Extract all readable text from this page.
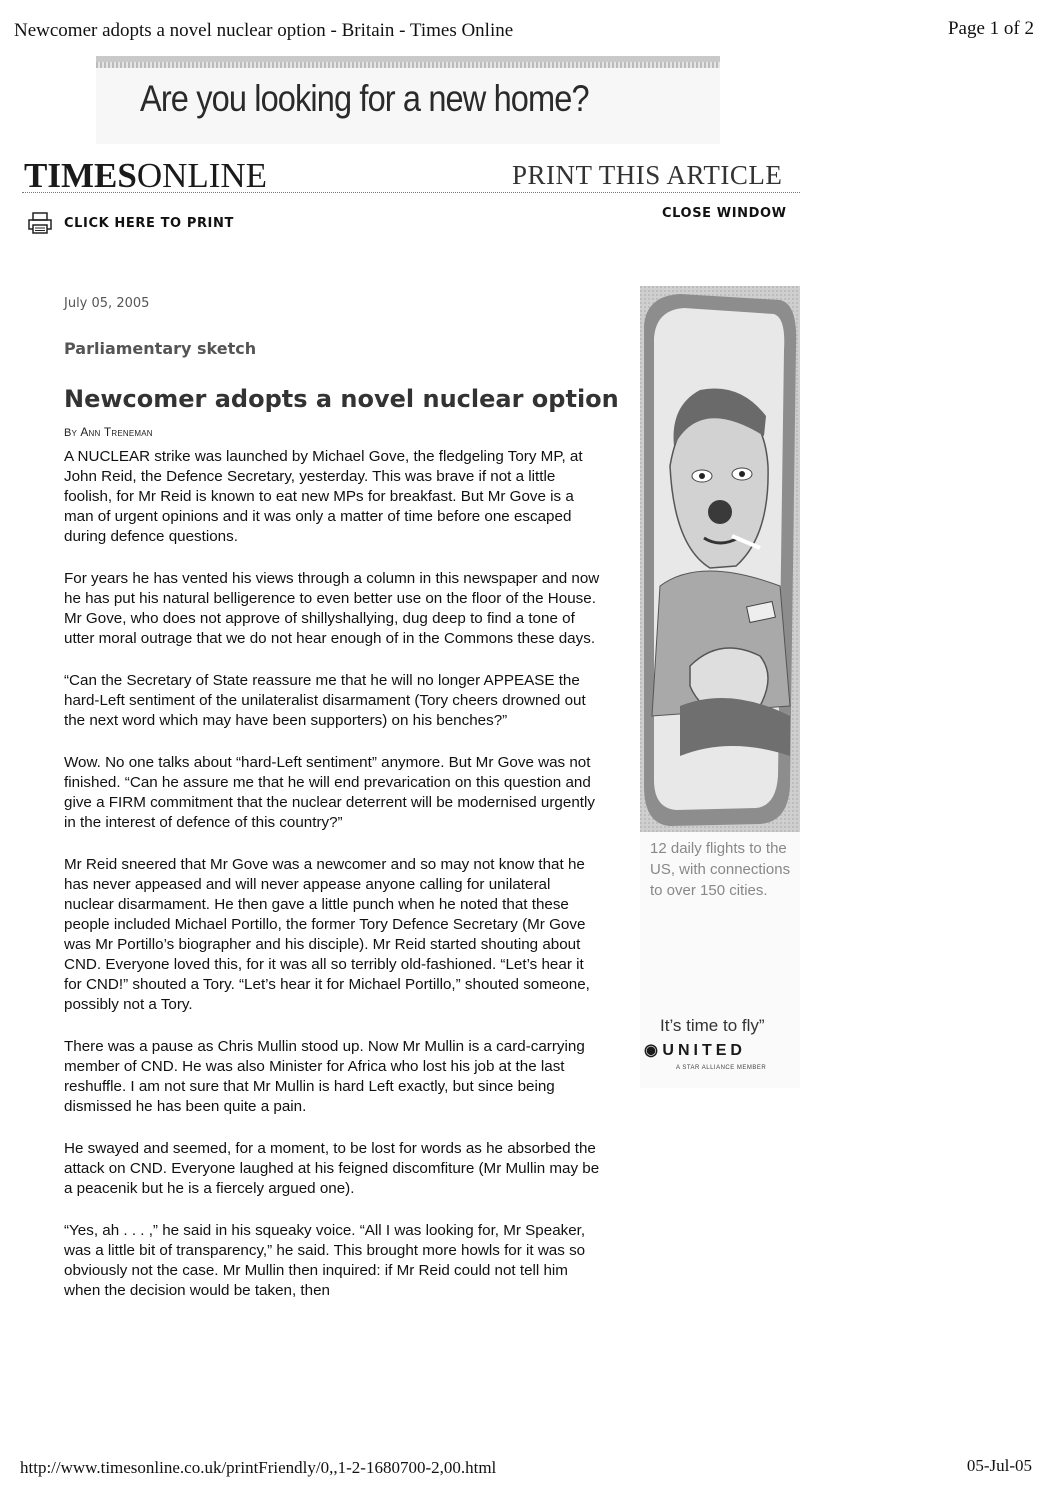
Newcomer adopts a novel nuclear option - Britain - Times Online	Page 1 of 2
Are you looking for a new home?
TIMESONLINE	PRINT THIS ARTICLE
CLICK HERE TO PRINT
CLOSE WINDOW
July 05, 2005
Parliamentary sketch
Newcomer adopts a novel nuclear option
By Ann Treneman

A NUCLEAR strike was launched by Michael Gove, the fledgeling Tory MP, at John Reid, the Defence Secretary, yesterday. This was brave if not a little foolish, for Mr Reid is known to eat new MPs for breakfast. But Mr Gove is a man of urgent opinions and it was only a matter of time before one escaped during defence questions.

For years he has vented his views through a column in this newspaper and now he has put his natural belligerence to even better use on the floor of the House. Mr Gove, who does not approve of shillyshallying, dug deep to find a tone of utter moral outrage that we do not hear enough of in the Commons these days.

“Can the Secretary of State reassure me that he will no longer APPEASE the hard-Left sentiment of the unilateralist disarmament (Tory cheers drowned out the next word which may have been supporters) on his benches?”

Wow. No one talks about “hard-Left sentiment” anymore. But Mr Gove was not finished. “Can he assure me that he will end prevarication on this question and give a FIRM commitment that the nuclear deterrent will be modernised urgently in the interest of defence of this country?”

Mr Reid sneered that Mr Gove was a newcomer and so may not know that he has never appeased and will never appease anyone calling for unilateral nuclear disarmament. He then gave a little punch when he noted that these people included Michael Portillo, the former Tory Defence Secretary (Mr Gove was Mr Portillo’s biographer and his disciple). Mr Reid started shouting about CND. Everyone loved this, for it was all so terribly old-fashioned. “Let’s hear it for CND!” shouted a Tory. “Let’s hear it for Michael Portillo,” shouted someone, possibly not a Tory.

There was a pause as Chris Mullin stood up. Now Mr Mullin is a card-carrying member of CND. He was also Minister for Africa who lost his job at the last reshuffle. I am not sure that Mr Mullin is hard Left exactly, but since being dismissed he has been quite a pain.

He swayed and seemed, for a moment, to be lost for words as he absorbed the attack on CND. Everyone laughed at his feigned discomfiture (Mr Mullin may be a peacenik but he is a fiercely argued one).

“Yes, ah . . . ,” he said in his squeaky voice. “All I was looking for, Mr Speaker, was a little bit of transparency,” he said. This brought more howls for it was so obviously not the case. Mr Mullin then inquired: if Mr Reid could not tell him when the decision would be taken, then

12 daily flights to the US, with connections to over 150 cities.
It’s time to fly”
◉ UNITED
A STAR ALLIANCE MEMBER
http://www.timesonline.co.uk/printFriendly/0,,1-2-1680700-2,00.html	05-Jul-05
